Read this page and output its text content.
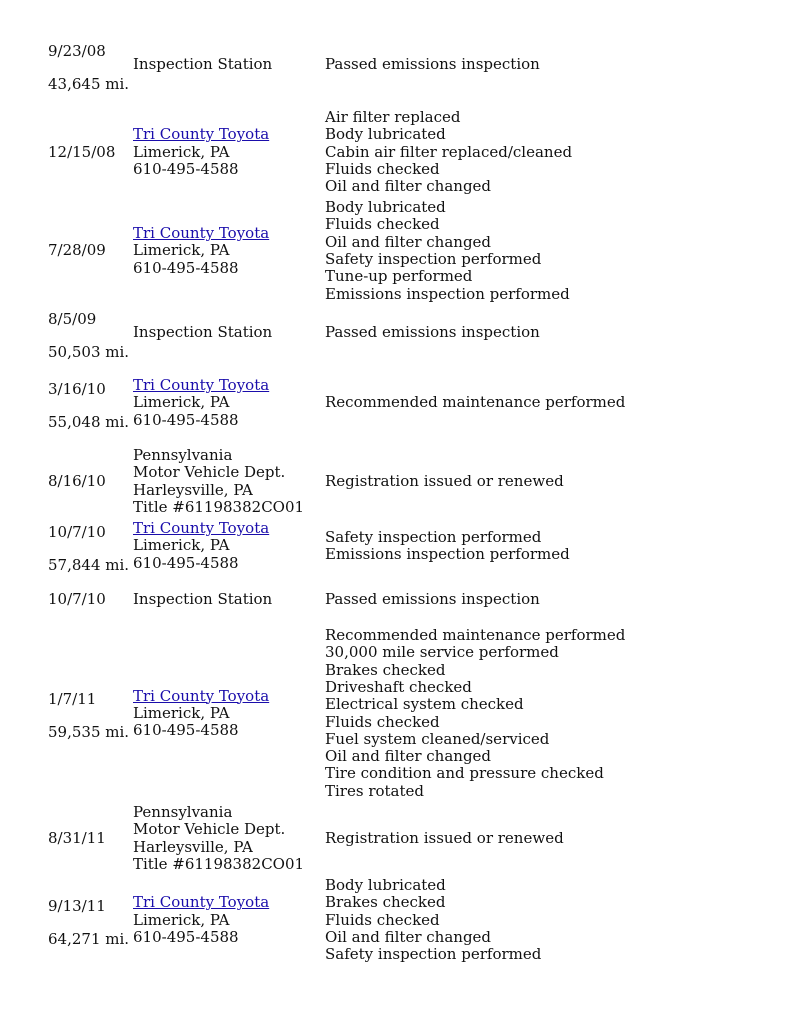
Passed emissions inspection
Inspection Station
9/23/08
43,645 mi.
Air filter replaced
Body lubricated
Cabin air filter replaced/cleaned
Fluids checked
Oil and filter changed
Tri County Toyota
Limerick, PA
610-495-4588
12/15/08
Body lubricated
Fluids checked
Oil and filter changed
Safety inspection performed
Tune-up performed
Emissions inspection performed
Tri County Toyota
Limerick, PA
610-495-4588
7/28/09
Passed emissions inspection
Inspection Station
8/5/09
50,503 mi.
Recommended maintenance performed
Tri County Toyota
Limerick, PA
610-495-4588
3/16/10
55,048 mi.
Registration issued or renewed
Pennsylvania
Motor Vehicle Dept.
Harleysville, PA
Title #61198382CO01
8/16/10
Safety inspection performed
Emissions inspection performed
Tri County Toyota
Limerick, PA
610-495-4588
10/7/10
57,844 mi.
Passed emissions inspection
Inspection Station
10/7/10
Recommended maintenance performed
30,000 mile service performed
Brakes checked
Driveshaft checked
Electrical system checked
Fluids checked
Fuel system cleaned/serviced
Oil and filter changed
Tire condition and pressure checked
Tires rotated
Tri County Toyota
Limerick, PA
610-495-4588
1/7/11
59,535 mi.
Registration issued or renewed
Pennsylvania
Motor Vehicle Dept.
Harleysville, PA
Title #61198382CO01
8/31/11
Body lubricated
Brakes checked
Fluids checked
Oil and filter changed
Safety inspection performed
Tri County Toyota
Limerick, PA
610-495-4588
9/13/11
64,271 mi.
